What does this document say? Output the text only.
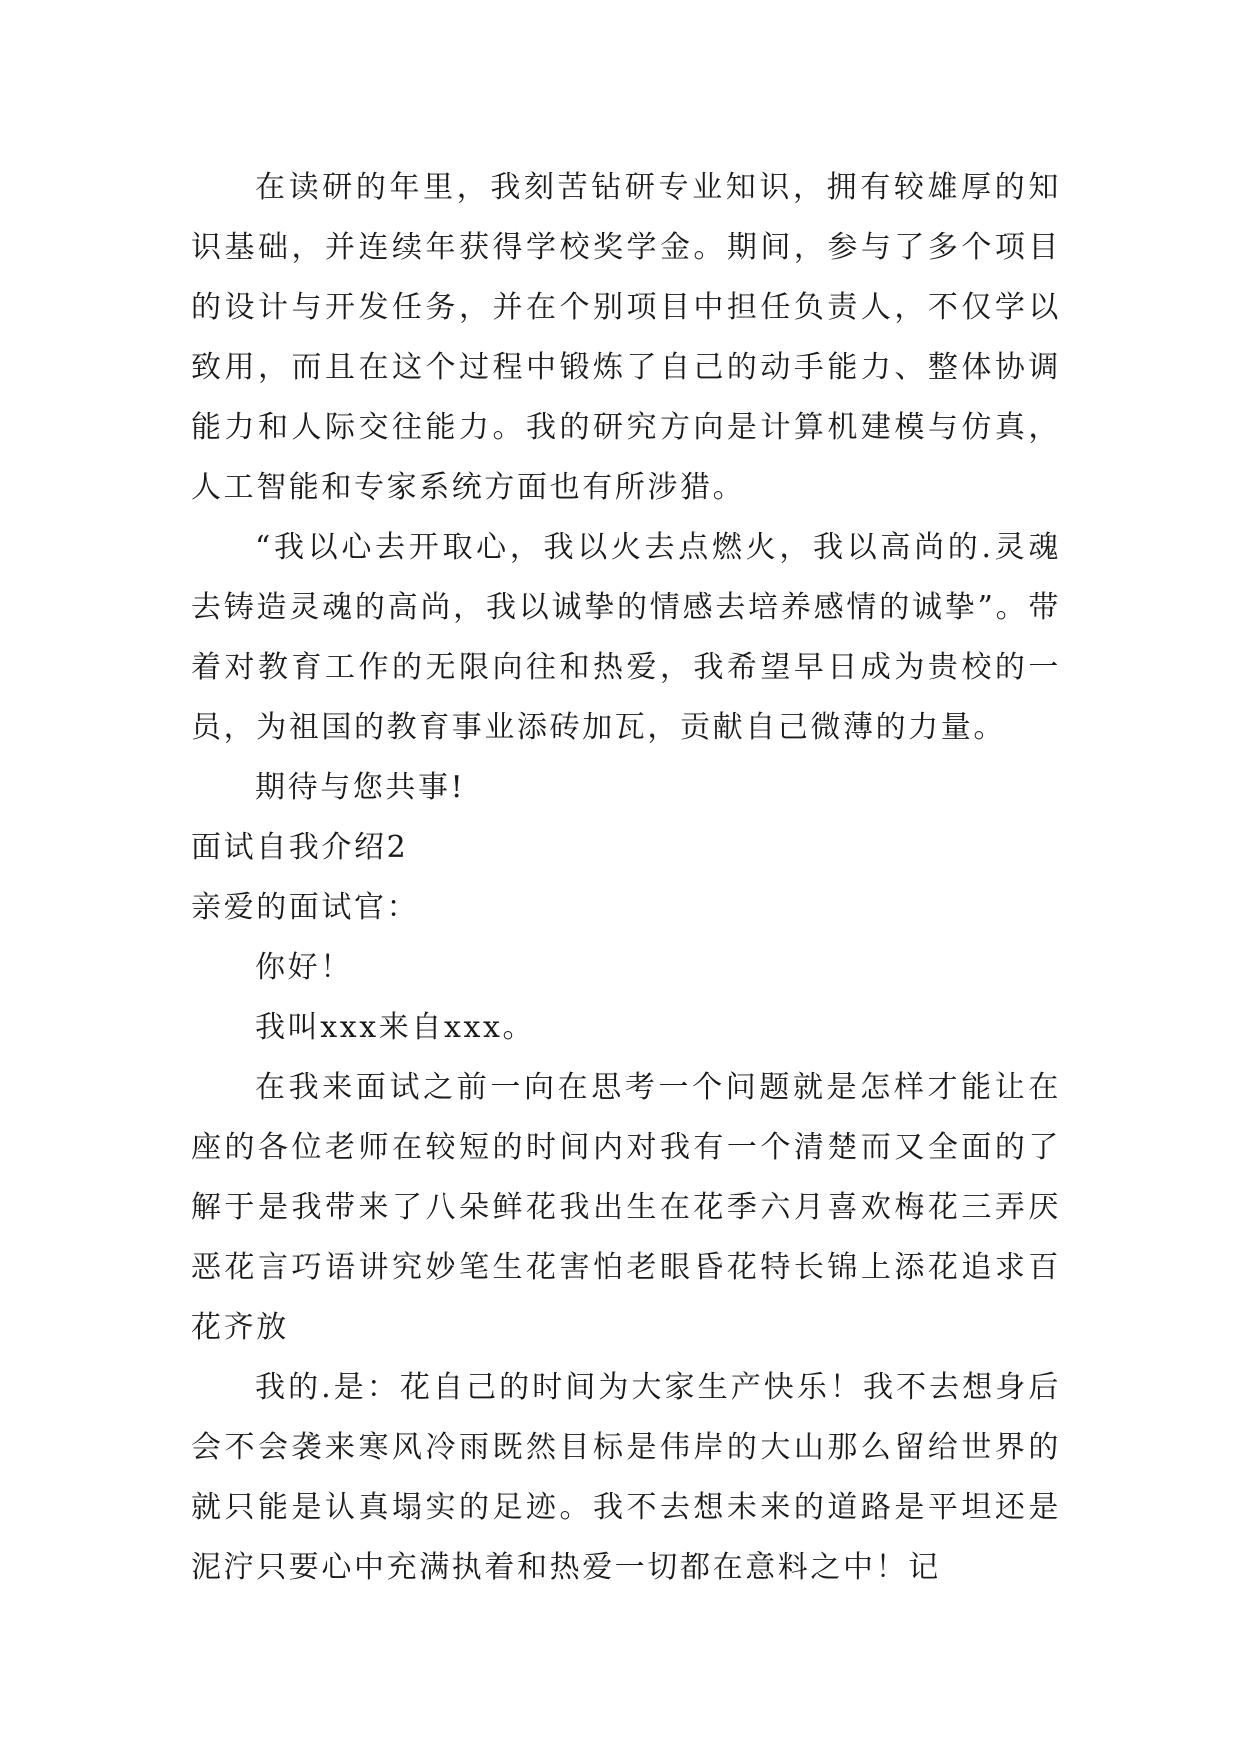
在读研的年里，我刻苦钻研专业知识，拥有较雄厚的知识基础，并连续年获得学校奖学金。期间，参与了多个项目的设计与开发任务，并在个别项目中担任负责人，不仅学以致用，而且在这个过程中锻炼了自己的动手能力、整体协调能力和人际交往能力。我的研究方向是计算机建模与仿真，人工智能和专家系统方面也有所涉猎。

“我以心去开取心，我以火去点燃火，我以高尚的.灵魂去铸造灵魂的高尚，我以诚挚的情感去培养感情的诚挚”。带着对教育工作的无限向往和热爱，我希望早日成为贵校的一员，为祖国的教育事业添砖加瓦，贡献自己微薄的力量。

期待与您共事!

面试自我介绍2

亲爱的面试官：

你好！

我叫xxx来自xxx。

在我来面试之前一向在思考一个问题就是怎样才能让在座的各位老师在较短的时间内对我有一个清楚而又全面的了解于是我带来了八朵鲜花我出生在花季六月喜欢梅花三弄厌恶花言巧语讲究妙笔生花害怕老眼昏花特长锦上添花追求百花齐放

我的.是：花自己的时间为大家生产快乐！我不去想身后会不会袭来寒风冷雨既然目标是伟岸的大山那么留给世界的就只能是认真塌实的足迹。我不去想未来的道路是平坦还是泥泞只要心中充满执着和热爱一切都在意料之中！记
